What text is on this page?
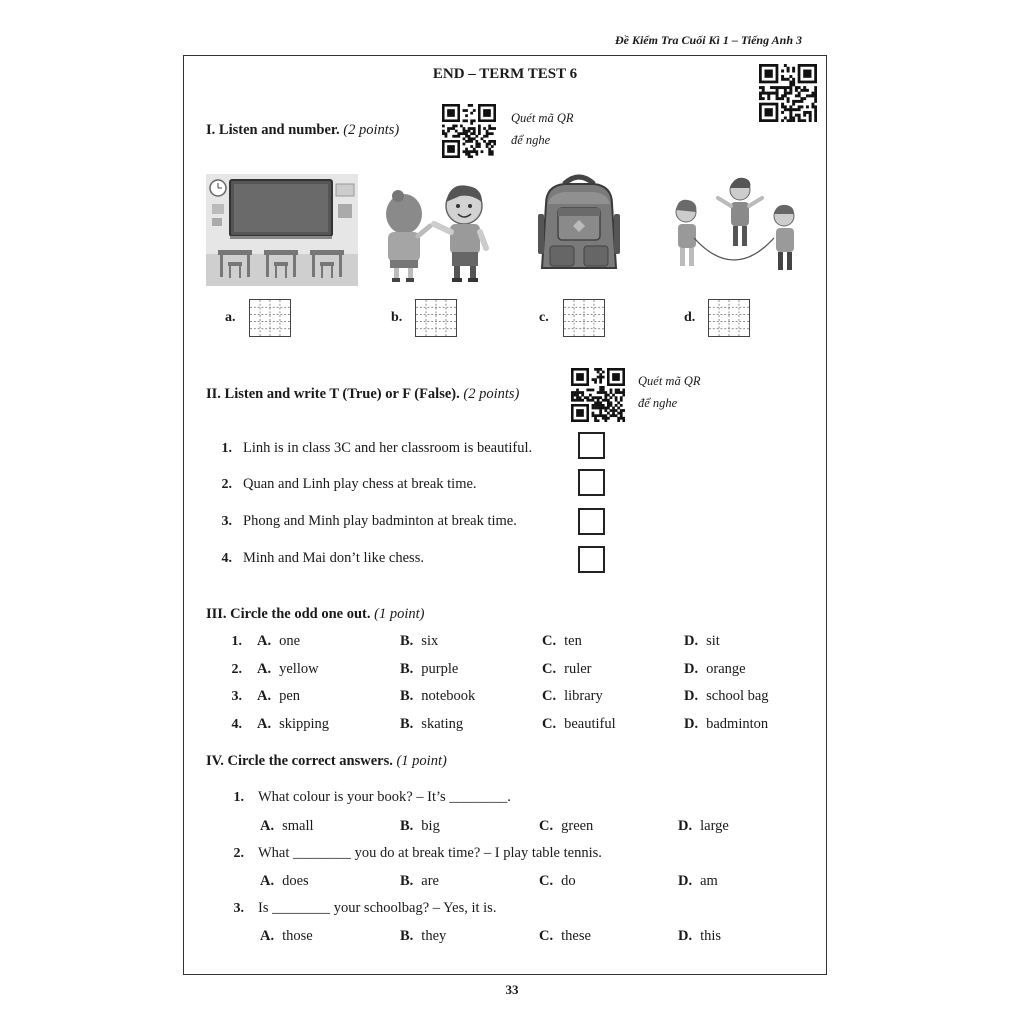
Đề Kiểm Tra Cuối Kì 1 – Tiếng Anh 3
END – TERM TEST 6
I. Listen and number. (2 points)
Quét mã QR
để nghe
a.	b.	c.	d.
II. Listen and write T (True) or F (False). (2 points)
Quét mã QR
để nghe
1. Linh is in class 3C and her classroom is beautiful.
2. Quan and Linh play chess at break time.
3. Phong and Minh play badminton at break time.
4. Minh and Mai don’t like chess.
III. Circle the odd one out. (1 point)
1. A. one	B. six	C. ten	D. sit
2. A. yellow	B. purple	C. ruler	D. orange
3. A. pen	B. notebook	C. library	D. school bag
4. A. skipping	B. skating	C. beautiful	D. badminton
IV. Circle the correct answers. (1 point)
1. What colour is your book? – It’s ________.
A. small	B. big	C. green	D. large
2. What ________ you do at break time? – I play table tennis.
A. does	B. are	C. do	D. am
3. Is ________ your schoolbag? – Yes, it is.
A. those	B. they	C. these	D. this
33
